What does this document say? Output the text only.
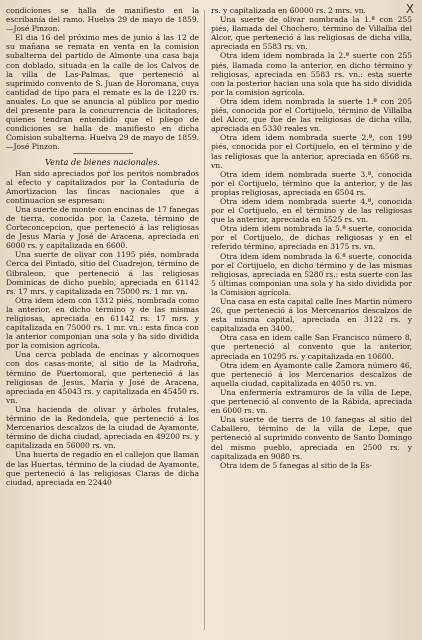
X

condiciones se halla de manifiesto en la escribanía del ramo. Huelva 29 de mayo de 1859.—José Pinzon.

El dia 16 del próximo mes de junio á las 12 de su mañana se remata en venta en la comision subalterna del partido de Almonte una casa baja con doblado, situada en la calle de los Calvos de la villa de Las-Palmas, que perteneció al suprimido convento de S. Juan de Horomana, cuya cantidad de tipo para el remate es la de 1220 rs. anuales. Lo que se anuncia al público por medio del presente para la concurrencia de licitadores, quienes tendran entendido que el pliego de condiciones se halla de manifiesto en dicha Comision subalterna. Huelva 29 de mayo de 1859.—José Pinzon.

Venta de bienes nacionales.

Han sido apreciados por los peritos nombrados al efecto y capitalizados por la Contaduría de Amortizacion las fincas nacionales que á continuacion se espresan:

Una suerte de monte con encinas de 17 fanegas de tierra, conocida por la Cazeta, término de Corteconcepcion, que perteneció á las religiosas de Jesus María y José de Aracena, apreciada en 6000 rs. y capitalizada en 6600.

Una suerte de olivar con 1195 piés, nombrada Cerca del Pintado, sitio del Cuadrejon, término de Gibraleon, que perteneció á las religiosas Dominicas de dicho pueblo, apreciada en 61142 rs. 17 mrs. y capitalizada en 75000 rs. 1 mr. vn.

Otra idem idem con 1312 piés, nombrada como la anterior, en dicho término y de las mismas religiosas, apreciada en 61142 rs. 17 mrs. y capitalizada en 75000 rs. 1 mr. vn.: esta finca con la anterior componian una sola y ha sido dividida por la comision agrícola.

Una cerca poblada de encinas y alcornoques con dos casas-monte, al sitio de la Madroña, término de Puertomoral, que perteneció á las religiosas de Jesus, María y José de Aracena, apreciada en 45043 rs. y capitalizada en 45450 rs. vn.

Una hacienda de olivar y árboles frutales, término de la Redondela, que perteneció á los Mercenarios descalzos de la ciudad de Ayamonte, término de dicha ciudad, apreciada en 49200 rs. y capitalizada en 56000 rs. vn.

Una huerta de regadío en el callejon que llaman de las Huertas, término de la ciudad de Ayamonte, que perteneció á las religiosas Claras de dicha ciudad, apreciada en 22440

rs. y capitalizada en 60000 rs. 2 mrs. vn.

Una suerte de olivar nombrada la 1.ª con 255 piés, llamada del Chochero, término de Villalba del Alcor, que perteneció á las religiosas de dicha villa, apreciada en 5583 rs. vn.

Otra idem idem nombrada la 2.ª suerte con 255 piés, llamada como la anterior, en dicho término y religiosas, apreciada en 5583 rs. vn.: esta suerte con la posterior hacian una sola que ha sido dividida por la comision agrícola.

Otra idem idem nombrada la suerte 1.ª con 205 piés, conocida por el Cortijuelo, término de Villalba del Alcor, que fue de las religiosas de dicha villa, apreciada en 5330 reales vn.

Otra idem idem nombrada suerte 2.ª, con 199 piés, conocida por el Cortijuelo, en el término y de las religiosas que la anterior, apreciada en 6568 rs. vn.

Otra idem idem nombrada suerte 3.ª, conocida por el Cortijuelo, término que la anterior, y de las propias religiosas, apreciada en 6504 rs.

Otra idem idem nombrada suerte 4.ª, conocida por el Cortijuelo, en el término y de las religiosas que la anterior, apreciada en 5525 rs. vn.

Otra idem idem nombrada la 5.ª suerte, conocida por el Cortijuelo, de dichas religiosas y en el referido término, apreciada en 3175 rs. vn.

Otra idem idem nombrada la 6.ª suerte, conocida por el Cortijuelo, en dicho término y de las mismas religiosas, apreciada en 5280 rs.: esta suerte con las 5 últimas componian una sola y ha sido dividida por la Comision agrícola.

Una casa en esta capital calle Ines Martin número 26, que perteneció á los Mercenarios descalzos de esta misma capital, apreciada en 3122 rs. y capitalizada en 3400.

Otra casa en idem calle San Francisco número 8, que perteneció al convento que la anterior, apreciada en 10295 rs. y capitalizada en 10600.

Otra idem en Ayamonte calle Zamora número 46, que perteneció á los Mercenarios descalzos de aquella ciudad, capitalizada en 4050 rs. vn.

Una enfermería extramuros de la villa de Lepe, que perteneció al convento de la Rábida, apreciada en 6000 rs. vn.

Una suerte de tierra de 10 fanegas al sitio del Caballero, término de la villa de Lepe, que perteneció al suprimido convento de Santo Domingo del mismo pueblo, apreciada en 2500 rs. y capitalizada en 9080 rs.

Otra idem de 5 fanegas al sitio de la Es-
